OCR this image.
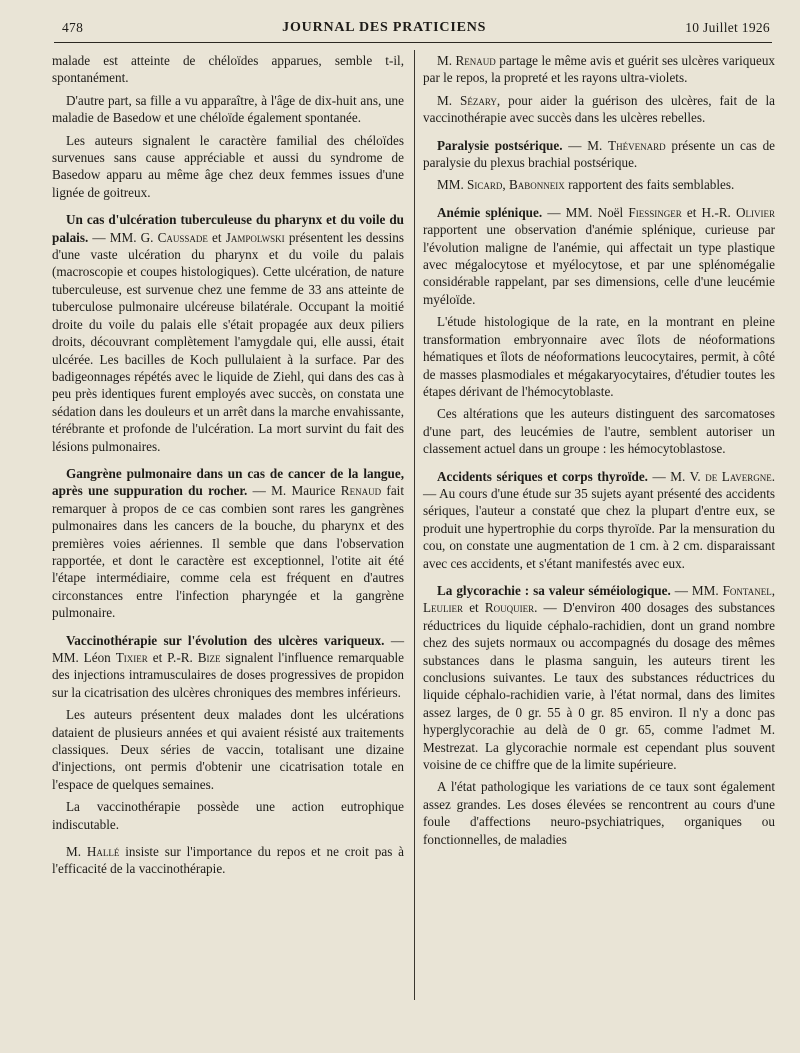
478	JOURNAL DES PRATICIENS	10 Juillet 1926

malade est atteinte de chéloïdes apparues, semble t-il, spontanément.

D'autre part, sa fille a vu apparaître, à l'âge de dix-huit ans, une maladie de Basedow et une chéloïde également spontanée.

Les auteurs signalent le caractère familial des chéloïdes survenues sans cause appréciable et aussi du syndrome de Basedow apparu au même âge chez deux femmes issues d'une lignée de goitreux.

Un cas d'ulcération tuberculeuse du pharynx et du voile du palais. — MM. G. Caussade et Jampolwski présentent les dessins d'une vaste ulcération du pharynx et du voile du palais (macroscopie et coupes histologiques). Cette ulcération, de nature tuberculeuse, est survenue chez une femme de 33 ans atteinte de tuberculose pulmonaire ulcéreuse bilatérale. Occupant la moitié droite du voile du palais elle s'était propagée aux deux piliers droits, découvrant complètement l'amygdale qui, elle aussi, était ulcérée. Les bacilles de Koch pullulaient à la surface. Par des badigeonnages répétés avec le liquide de Ziehl, qui dans des cas à peu près identiques furent employés avec succès, on constata une sédation dans les douleurs et un arrêt dans la marche envahissante, térébrante et profonde de l'ulcération. La mort survint du fait des lésions pulmonaires.

Gangrène pulmonaire dans un cas de cancer de la langue, après une suppuration du rocher. — M. Maurice Renaud fait remarquer à propos de ce cas combien sont rares les gangrènes pulmonaires dans les cancers de la bouche, du pharynx et des premières voies aériennes. Il semble que dans l'observation rapportée, et dont le caractère est exceptionnel, l'otite ait été l'étape intermédiaire, comme cela est fréquent en d'autres circonstances entre l'infection pharyngée et la gangrène pulmonaire.

Vaccinothérapie sur l'évolution des ulcères variqueux. — MM. Léon Tixier et P.-R. Bize signalent l'influence remarquable des injections intramusculaires de doses progressives de propidon sur la cicatrisation des ulcères chroniques des membres inférieurs.

Les auteurs présentent deux malades dont les ulcérations dataient de plusieurs années et qui avaient résisté aux traitements classiques. Deux séries de vaccin, totalisant une dizaine d'injections, ont permis d'obtenir une cicatrisation totale en l'espace de quelques semaines.

La vaccinothérapie possède une action eutrophique indiscutable.

M. Hallé insiste sur l'importance du repos et ne croit pas à l'efficacité de la vaccinothérapie.

M. Renaud partage le même avis et guérit ses ulcères variqueux par le repos, la propreté et les rayons ultra-violets.

M. Sézary, pour aider la guérison des ulcères, fait de la vaccinothérapie avec succès dans les ulcères rebelles.

Paralysie postsérique. — M. Thévenard présente un cas de paralysie du plexus brachial postsérique.

MM. Sicard, Babonneix rapportent des faits semblables.

Anémie splénique. — MM. Noël Fiessinger et H.-R. Olivier rapportent une observation d'anémie splénique, curieuse par l'évolution maligne de l'anémie, qui affectait un type plastique avec mégalocytose et myélocytose, et par une splénomégalie considérable rappelant, par ses dimensions, celle d'une leucémie myéloïde.

L'étude histologique de la rate, en la montrant en pleine transformation embryonnaire avec îlots de néoformations hématiques et îlots de néoformations leucocytaires, permit, à côté de masses plasmodiales et mégakaryocytaires, d'étudier toutes les étapes dérivant de l'hémocytoblaste.

Ces altérations que les auteurs distinguent des sarcomatoses d'une part, des leucémies de l'autre, semblent autoriser un classement actuel dans un groupe : les hémocytoblastose.

Accidents sériques et corps thyroïde. — M. V. de Lavergne. — Au cours d'une étude sur 35 sujets ayant présenté des accidents sériques, l'auteur a constaté que chez la plupart d'entre eux, se produit une hypertrophie du corps thyroïde. Par la mensuration du cou, on constate une augmentation de 1 cm. à 2 cm. disparaissant avec ces accidents, et s'étant manifestés avec eux.

La glycorachie : sa valeur séméiologique. — MM. Fontanel, Leulier et Rouquier. — D'environ 400 dosages des substances réductrices du liquide céphalo-rachidien, dont un grand nombre chez des sujets normaux ou accompagnés du dosage des mêmes substances dans le plasma sanguin, les auteurs tirent les conclusions suivantes. Le taux des substances réductrices du liquide céphalo-rachidien varie, à l'état normal, dans des limites assez larges, de 0 gr. 55 à 0 gr. 85 environ. Il n'y a donc pas hyperglycorachie au delà de 0 gr. 65, comme l'admet M. Mestrezat. La glycorachie normale est cependant plus souvent voisine de ce chiffre que de la limite supérieure.

A l'état pathologique les variations de ce taux sont également assez grandes. Les doses élevées se rencontrent au cours d'une foule d'affections neuro-psychiatriques, organiques ou fonctionnelles, de maladies
